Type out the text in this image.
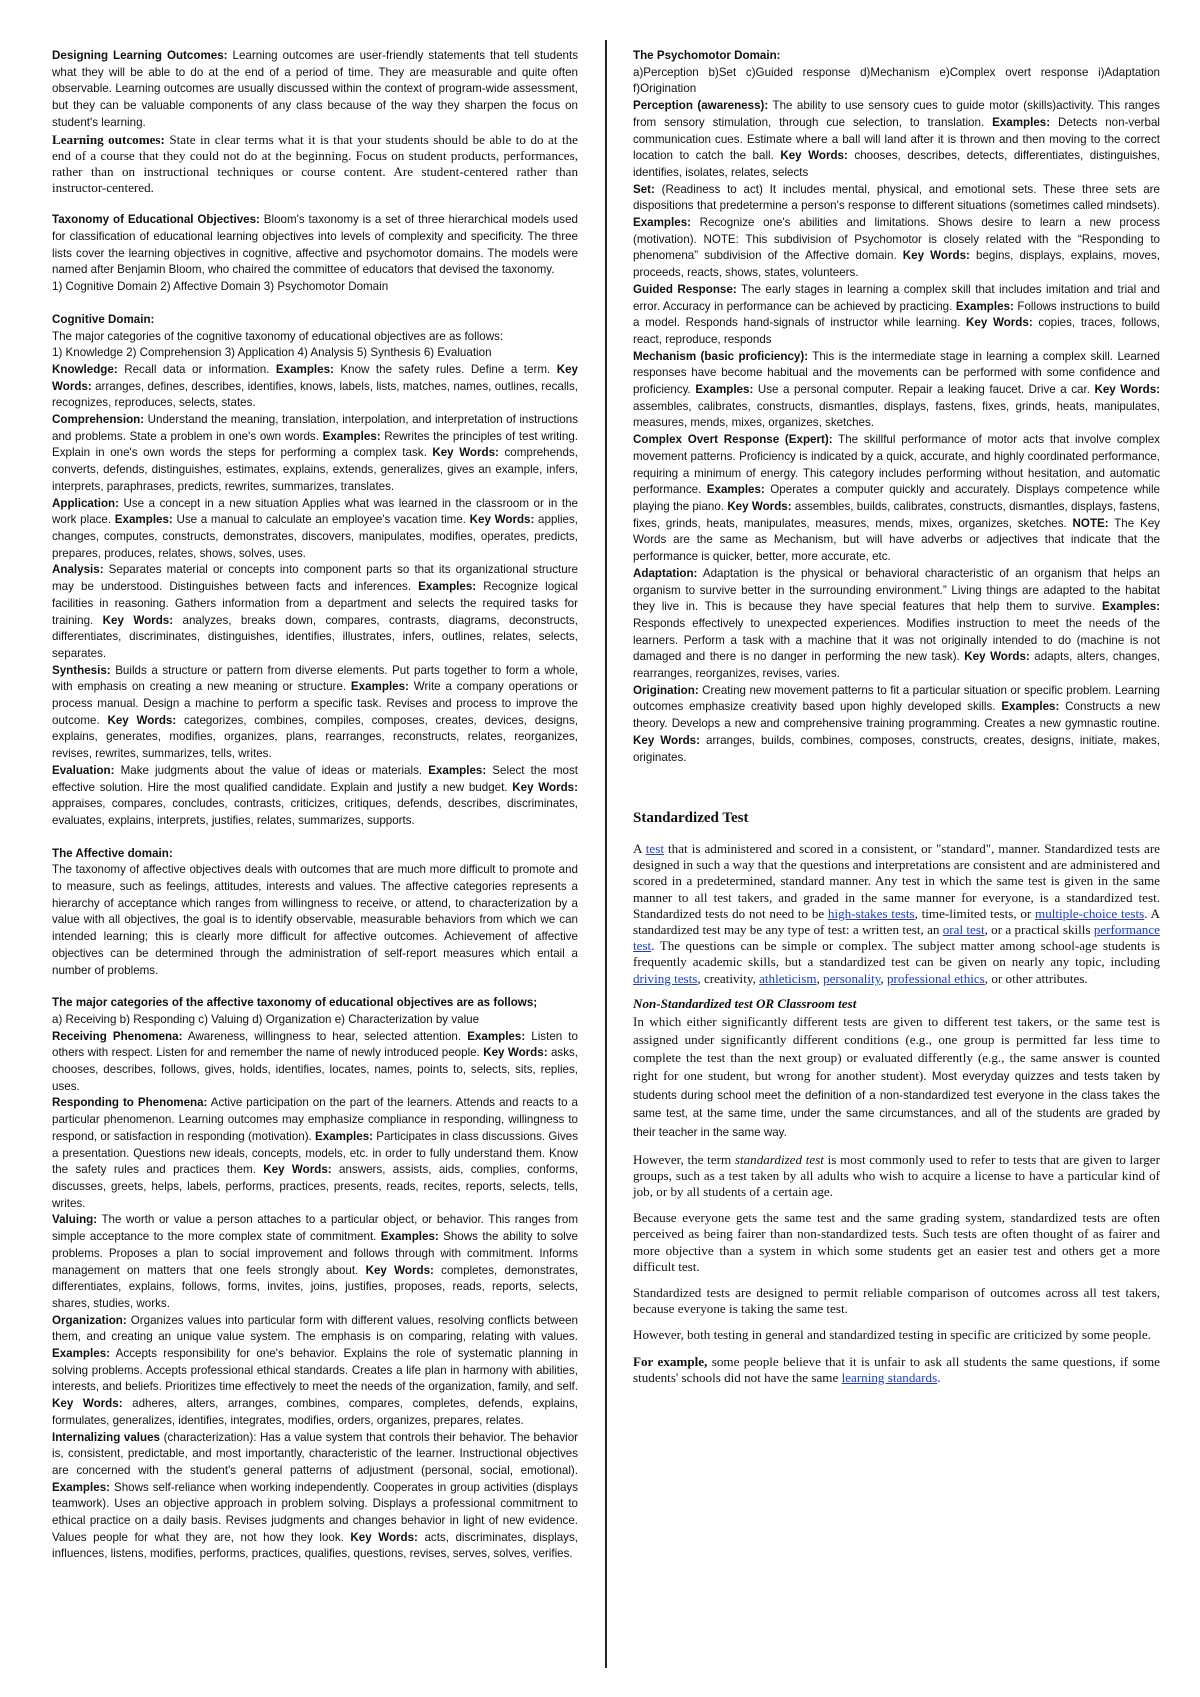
Designing Learning Outcomes: Learning outcomes are user-friendly statements that tell students what they will be able to do at the end of a period of time. They are measurable and quite often observable. Learning outcomes are usually discussed within the context of program-wide assessment, but they can be valuable components of any class because of the way they sharpen the focus on student's learning.

Learning outcomes: State in clear terms what it is that your students should be able to do at the end of a course that they could not do at the beginning. Focus on student products, performances, rather than on instructional techniques or course content. Are student-centered rather than instructor-centered.

Taxonomy of Educational Objectives: Bloom's taxonomy is a set of three hierarchical models used for classification of educational learning objectives into levels of complexity and specificity. The three lists cover the learning objectives in cognitive, affective and psychomotor domains. The models were named after Benjamin Bloom, who chaired the committee of educators that devised the taxonomy.

1) Cognitive Domain 2) Affective Domain 3) Psychomotor Domain

Cognitive Domain:

The major categories of the cognitive taxonomy of educational objectives are as follows:

1) Knowledge 2) Comprehension 3) Application 4) Analysis 5) Synthesis 6) Evaluation

Knowledge: Recall data or information. Examples: Know the safety rules. Define a term. Key Words: arranges, defines, describes, identifies, knows, labels, lists, matches, names, outlines, recalls, recognizes, reproduces, selects, states.

Comprehension: Understand the meaning, translation, interpolation, and interpretation of instructions and problems. State a problem in one's own words. Examples: Rewrites the principles of test writing. Explain in one's own words the steps for performing a complex task. Key Words: comprehends, converts, defends, distinguishes, estimates, explains, extends, generalizes, gives an example, infers, interprets, paraphrases, predicts, rewrites, summarizes, translates.

Application: Use a concept in a new situation Applies what was learned in the classroom or in the work place. Examples: Use a manual to calculate an employee's vacation time. Key Words: applies, changes, computes, constructs, demonstrates, discovers, manipulates, modifies, operates, predicts, prepares, produces, relates, shows, solves, uses.

Analysis: Separates material or concepts into component parts so that its organizational structure may be understood. Distinguishes between facts and inferences. Examples: Recognize logical facilities in reasoning. Gathers information from a department and selects the required tasks for training. Key Words: analyzes, breaks down, compares, contrasts, diagrams, deconstructs, differentiates, discriminates, distinguishes, identifies, illustrates, infers, outlines, relates, selects, separates.

Synthesis: Builds a structure or pattern from diverse elements. Put parts together to form a whole, with emphasis on creating a new meaning or structure. Examples: Write a company operations or process manual. Design a machine to perform a specific task. Revises and process to improve the outcome. Key Words: categorizes, combines, compiles, composes, creates, devices, designs, explains, generates, modifies, organizes, plans, rearranges, reconstructs, relates, reorganizes, revises, rewrites, summarizes, tells, writes.

Evaluation: Make judgments about the value of ideas or materials. Examples: Select the most effective solution. Hire the most qualified candidate. Explain and justify a new budget. Key Words: appraises, compares, concludes, contrasts, criticizes, critiques, defends, describes, discriminates, evaluates, explains, interprets, justifies, relates, summarizes, supports.

The Affective domain:

The taxonomy of affective objectives deals with outcomes that are much more difficult to promote and to measure, such as feelings, attitudes, interests and values. The affective categories represents a hierarchy of acceptance which ranges from willingness to receive, or attend, to characterization by a value with all objectives, the goal is to identify observable, measurable behaviors from which we can intended learning; this is clearly more difficult for affective outcomes. Achievement of affective objectives can be determined through the administration of self-report measures which entail a number of problems.

The major categories of the affective taxonomy of educational objectives are as follows;

a) Receiving b) Responding c) Valuing d) Organization e) Characterization by value

Receiving Phenomena: Awareness, willingness to hear, selected attention. Examples: Listen to others with respect. Listen for and remember the name of newly introduced people. Key Words: asks, chooses, describes, follows, gives, holds, identifies, locates, names, points to, selects, sits, replies, uses.

Responding to Phenomena: Active participation on the part of the learners. Attends and reacts to a particular phenomenon. Learning outcomes may emphasize compliance in responding, willingness to respond, or satisfaction in responding (motivation). Examples: Participates in class discussions. Gives a presentation. Questions new ideals, concepts, models, etc. in order to fully understand them. Know the safety rules and practices them. Key Words: answers, assists, aids, complies, conforms, discusses, greets, helps, labels, performs, practices, presents, reads, recites, reports, selects, tells, writes.

Valuing: The worth or value a person attaches to a particular object, or behavior. This ranges from simple acceptance to the more complex state of commitment. Examples: Shows the ability to solve problems. Proposes a plan to social improvement and follows through with commitment. Informs management on matters that one feels strongly about. Key Words: completes, demonstrates, differentiates, explains, follows, forms, invites, joins, justifies, proposes, reads, reports, selects, shares, studies, works.

Organization: Organizes values into particular form with different values, resolving conflicts between them, and creating an unique value system. The emphasis is on comparing, relating with values. Examples: Accepts responsibility for one's behavior. Explains the role of systematic planning in solving problems. Accepts professional ethical standards. Creates a life plan in harmony with abilities, interests, and beliefs. Prioritizes time effectively to meet the needs of the organization, family, and self. Key Words: adheres, alters, arranges, combines, compares, completes, defends, explains, formulates, generalizes, identifies, integrates, modifies, orders, organizes, prepares, relates.

Internalizing values (characterization): Has a value system that controls their behavior. The behavior is, consistent, predictable, and most importantly, characteristic of the learner. Instructional objectives are concerned with the student's general patterns of adjustment (personal, social, emotional). Examples: Shows self-reliance when working independently. Cooperates in group activities (displays teamwork). Uses an objective approach in problem solving. Displays a professional commitment to ethical practice on a daily basis. Revises judgments and changes behavior in light of new evidence. Values people for what they are, not how they look. Key Words: acts, discriminates, displays, influences, listens, modifies, performs, practices, qualifies, questions, revises, serves, solves, verifies.

The Psychomotor Domain:

a)Perception b)Set c)Guided response d)Mechanism e)Complex overt response i)Adaptation f)Origination

Perception (awareness): The ability to use sensory cues to guide motor (skills)activity. This ranges from sensory stimulation, through cue selection, to translation. Examples: Detects non-verbal communication cues. Estimate where a ball will land after it is thrown and then moving to the correct location to catch the ball. Key Words: chooses, describes, detects, differentiates, distinguishes, identifies, isolates, relates, selects

Set: (Readiness to act) It includes mental, physical, and emotional sets. These three sets are dispositions that predetermine a person's response to different situations (sometimes called mindsets). Examples: Recognize one's abilities and limitations. Shows desire to learn a new process (motivation). NOTE: This subdivision of Psychomotor is closely related with the “Responding to phenomena” subdivision of the Affective domain. Key Words: begins, displays, explains, moves, proceeds, reacts, shows, states, volunteers.

Guided Response: The early stages in learning a complex skill that includes imitation and trial and error. Accuracy in performance can be achieved by practicing. Examples: Follows instructions to build a model. Responds hand-signals of instructor while learning. Key Words: copies, traces, follows, react, reproduce, responds

Mechanism (basic proficiency): This is the intermediate stage in learning a complex skill. Learned responses have become habitual and the movements can be performed with some confidence and proficiency. Examples: Use a personal computer. Repair a leaking faucet. Drive a car. Key Words: assembles, calibrates, constructs, dismantles, displays, fastens, fixes, grinds, heats, manipulates, measures, mends, mixes, organizes, sketches.

Complex Overt Response (Expert): The skillful performance of motor acts that involve complex movement patterns. Proficiency is indicated by a quick, accurate, and highly coordinated performance, requiring a minimum of energy. This category includes performing without hesitation, and automatic performance. Examples: Operates a computer quickly and accurately. Displays competence while playing the piano. Key Words: assembles, builds, calibrates, constructs, dismantles, displays, fastens, fixes, grinds, heats, manipulates, measures, mends, mixes, organizes, sketches. NOTE: The Key Words are the same as Mechanism, but will have adverbs or adjectives that indicate that the performance is quicker, better, more accurate, etc.

Adaptation: Adaptation is the physical or behavioral characteristic of an organism that helps an organism to survive better in the surrounding environment.” Living things are adapted to the habitat they live in. This is because they have special features that help them to survive. Examples: Responds effectively to unexpected experiences. Modifies instruction to meet the needs of the learners. Perform a task with a machine that it was not originally intended to do (machine is not damaged and there is no danger in performing the new task). Key Words: adapts, alters, changes, rearranges, reorganizes, revises, varies.

Origination: Creating new movement patterns to fit a particular situation or specific problem. Learning outcomes emphasize creativity based upon highly developed skills. Examples: Constructs a new theory. Develops a new and comprehensive training programming. Creates a new gymnastic routine. Key Words: arranges, builds, combines, composes, constructs, creates, designs, initiate, makes, originates.

Standardized Test

A test that is administered and scored in a consistent, or "standard", manner. Standardized tests are designed in such a way that the questions and interpretations are consistent and are administered and scored in a predetermined, standard manner. Any test in which the same test is given in the same manner to all test takers, and graded in the same manner for everyone, is a standardized test. Standardized tests do not need to be high-stakes tests, time-limited tests, or multiple-choice tests. A standardized test may be any type of test: a written test, an oral test, or a practical skills performance test. The questions can be simple or complex. The subject matter among school-age students is frequently academic skills, but a standardized test can be given on nearly any topic, including driving tests, creativity, athleticism, personality, professional ethics, or other attributes.

Non-Standardized test OR Classroom test

In which either significantly different tests are given to different test takers, or the same test is assigned under significantly different conditions (e.g., one group is permitted far less time to complete the test than the next group) or evaluated differently (e.g., the same answer is counted right for one student, but wrong for another student). Most everyday quizzes and tests taken by students during school meet the definition of a non-standardized test everyone in the class takes the same test, at the same time, under the same circumstances, and all of the students are graded by their teacher in the same way.

However, the term standardized test is most commonly used to refer to tests that are given to larger groups, such as a test taken by all adults who wish to acquire a license to have a particular kind of job, or by all students of a certain age.

Because everyone gets the same test and the same grading system, standardized tests are often perceived as being fairer than non-standardized tests. Such tests are often thought of as fairer and more objective than a system in which some students get an easier test and others get a more difficult test.

Standardized tests are designed to permit reliable comparison of outcomes across all test takers, because everyone is taking the same test.

However, both testing in general and standardized testing in specific are criticized by some people.

For example, some people believe that it is unfair to ask all students the same questions, if some students' schools did not have the same learning standards.
